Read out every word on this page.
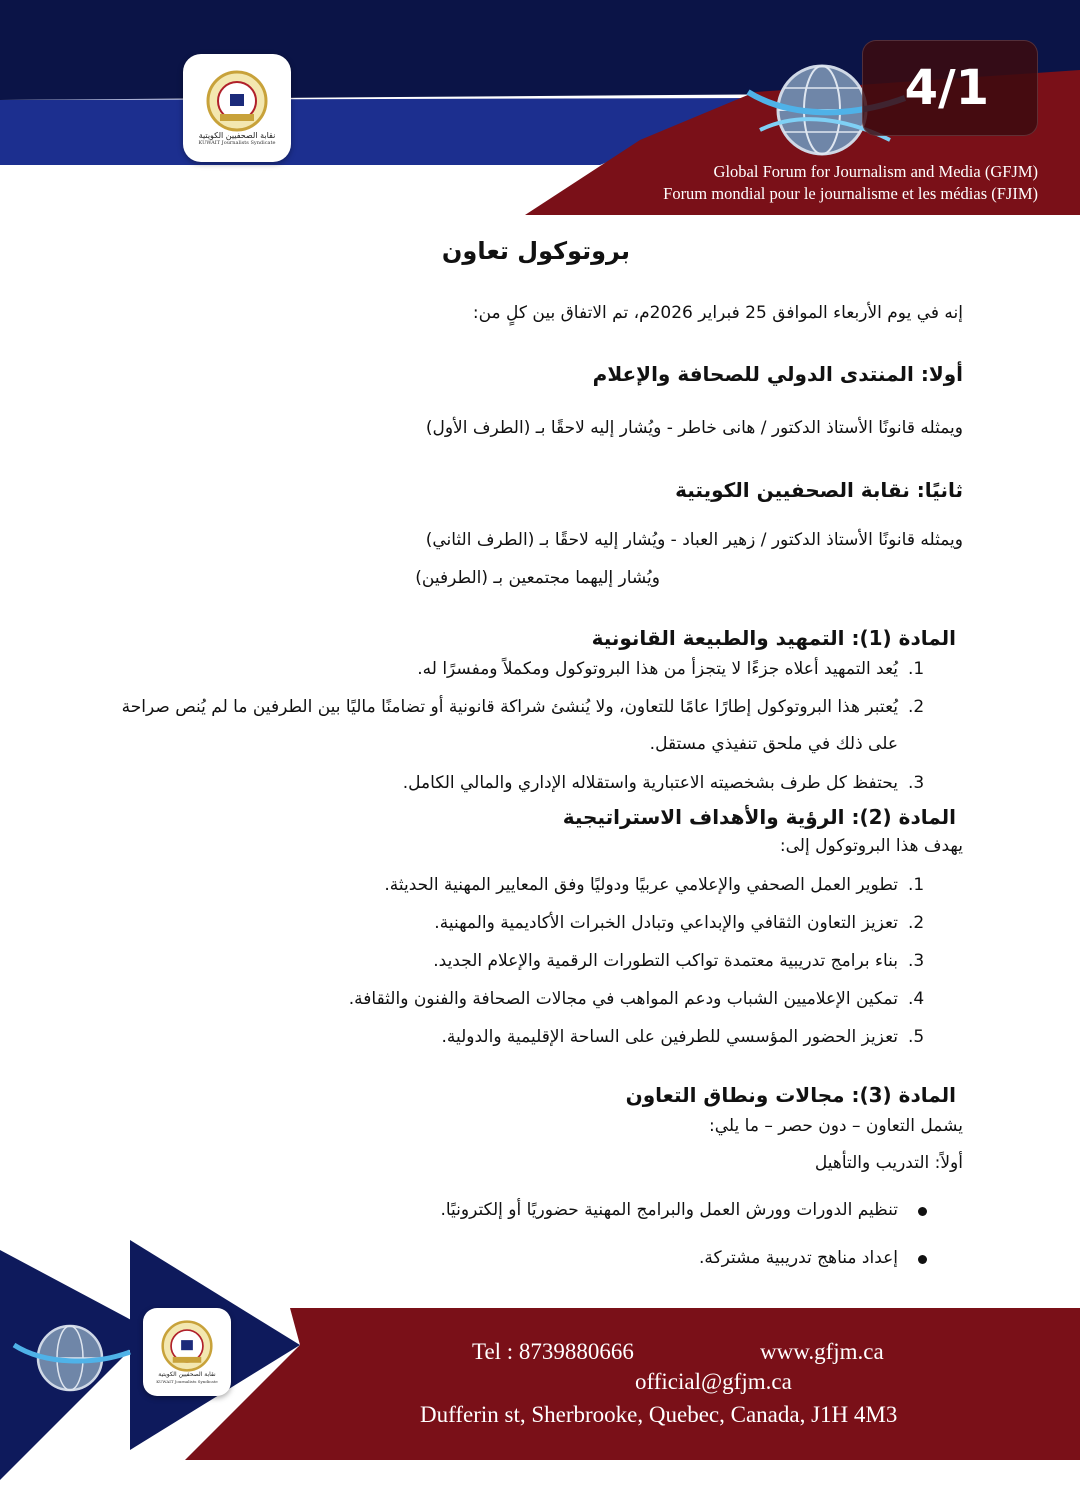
نقابة الصحفيين الكويتية
KUWAIT Journalists Syndicate
4/1
Global Forum for Journalism and Media (GFJM)
Forum mondial pour le journalisme et les médias (FJIM)
بروتوكول تعاون
إنه في يوم الأربعاء الموافق 25 فبراير 2026م، تم الاتفاق بين كلٍ من:
أولا: المنتدى الدولي للصحافة والإعلام
ويمثله قانونًا الأستاذ الدكتور / هانى خاطر - ويُشار إليه لاحقًا بـ (الطرف الأول)
ثانيًا: نقابة الصحفيين الكويتية
ويمثله قانونًا الأستاذ الدكتور / زهير العباد - ويُشار إليه لاحقًا بـ (الطرف الثاني)
ويُشار إليهما مجتمعين بـ (الطرفين)
المادة (1): التمهيد والطبيعة القانونية
.1
يُعد التمهيد أعلاه جزءًا لا يتجزأ من هذا البروتوكول ومكملاً ومفسرًا له.
.2
يُعتبر هذا البروتوكول إطارًا عامًا للتعاون، ولا يُنشئ شراكة قانونية أو تضامنًا ماليًا بين الطرفين ما لم يُنص صراحة
على ذلك في ملحق تنفيذي مستقل.
.3
يحتفظ كل طرف بشخصيته الاعتبارية واستقلاله الإداري والمالي الكامل.
المادة (2): الرؤية والأهداف الاستراتيجية
يهدف هذا البروتوكول إلى:
.1
تطوير العمل الصحفي والإعلامي عربيًا ودوليًا وفق المعايير المهنية الحديثة.
.2
تعزيز التعاون الثقافي والإبداعي وتبادل الخبرات الأكاديمية والمهنية.
.3
بناء برامج تدريبية معتمدة تواكب التطورات الرقمية والإعلام الجديد.
.4
تمكين الإعلاميين الشباب ودعم المواهب في مجالات الصحافة والفنون والثقافة.
.5
تعزيز الحضور المؤسسي للطرفين على الساحة الإقليمية والدولية.
المادة (3): مجالات ونطاق التعاون
يشمل التعاون – دون حصر – ما يلي:
أولاً: التدريب والتأهيل
تنظيم الدورات وورش العمل والبرامج المهنية حضوريًا أو إلكترونيًا.
إعداد مناهج تدريبية مشتركة.
نقابة الصحفيين الكويتية
KUWAIT Journalists Syndicate
Tel : 8739880666	www.gfjm.ca
official@gfjm.ca
Dufferin st, Sherbrooke, Quebec, Canada, J1H 4M3
